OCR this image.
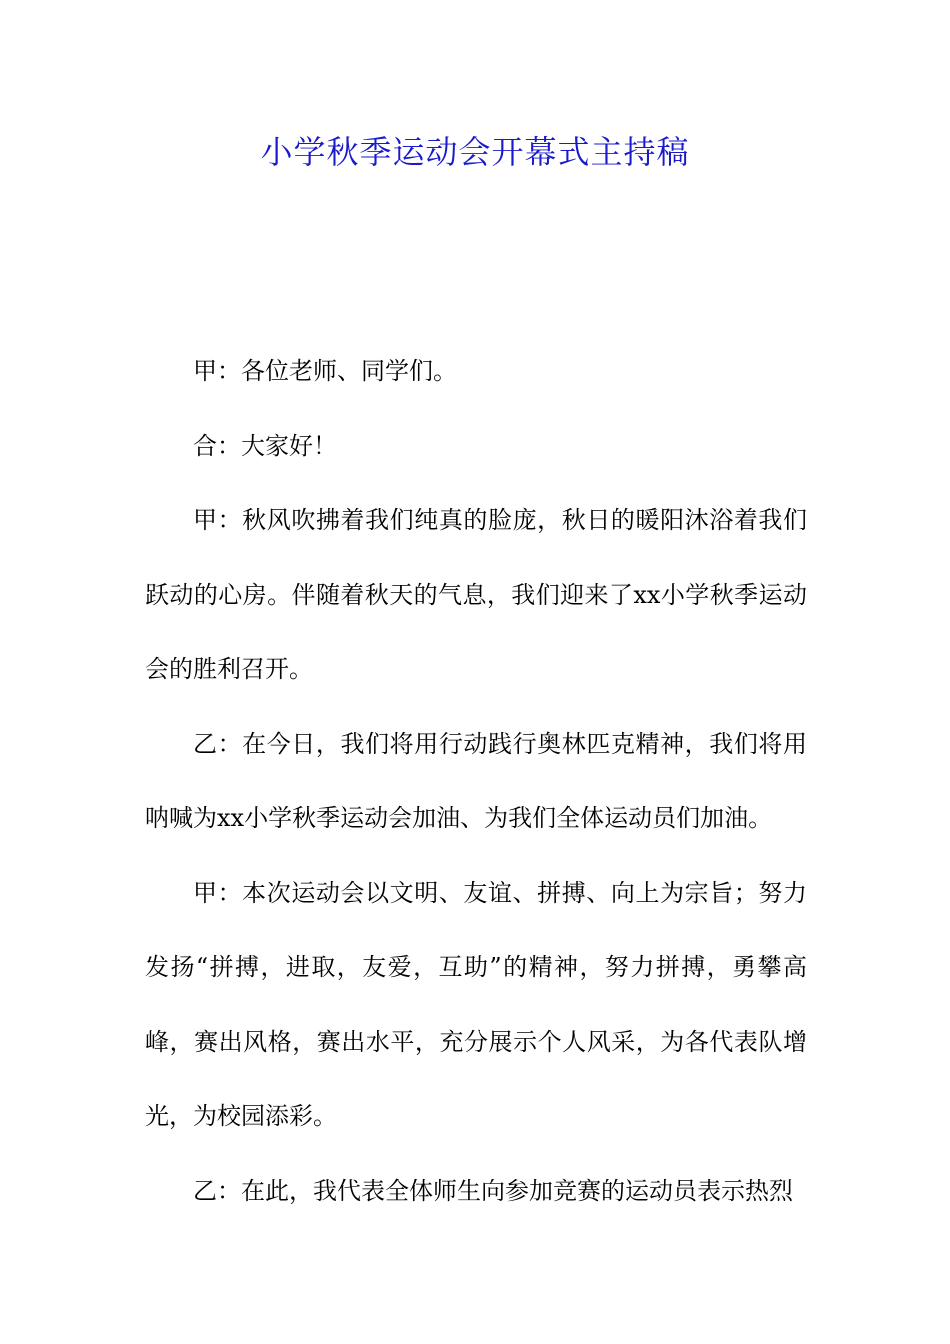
小学秋季运动会开幕式主持稿

甲：各位老师、同学们。

合：大家好！

甲：秋风吹拂着我们纯真的脸庞，秋日的暖阳沐浴着我们跃动的心房。伴随着秋天的气息，我们迎来了xx小学秋季运动会的胜利召开。

乙：在今日，我们将用行动践行奥林匹克精神，我们将用呐喊为xx小学秋季运动会加油、为我们全体运动员们加油。

甲：本次运动会以文明、友谊、拼搏、向上为宗旨；努力发扬“拼搏，进取，友爱，互助”的精神，努力拼搏，勇攀高峰，赛出风格，赛出水平，充分展示个人风采，为各代表队增光，为校园添彩。

乙：在此，我代表全体师生向参加竞赛的运动员表示热烈
